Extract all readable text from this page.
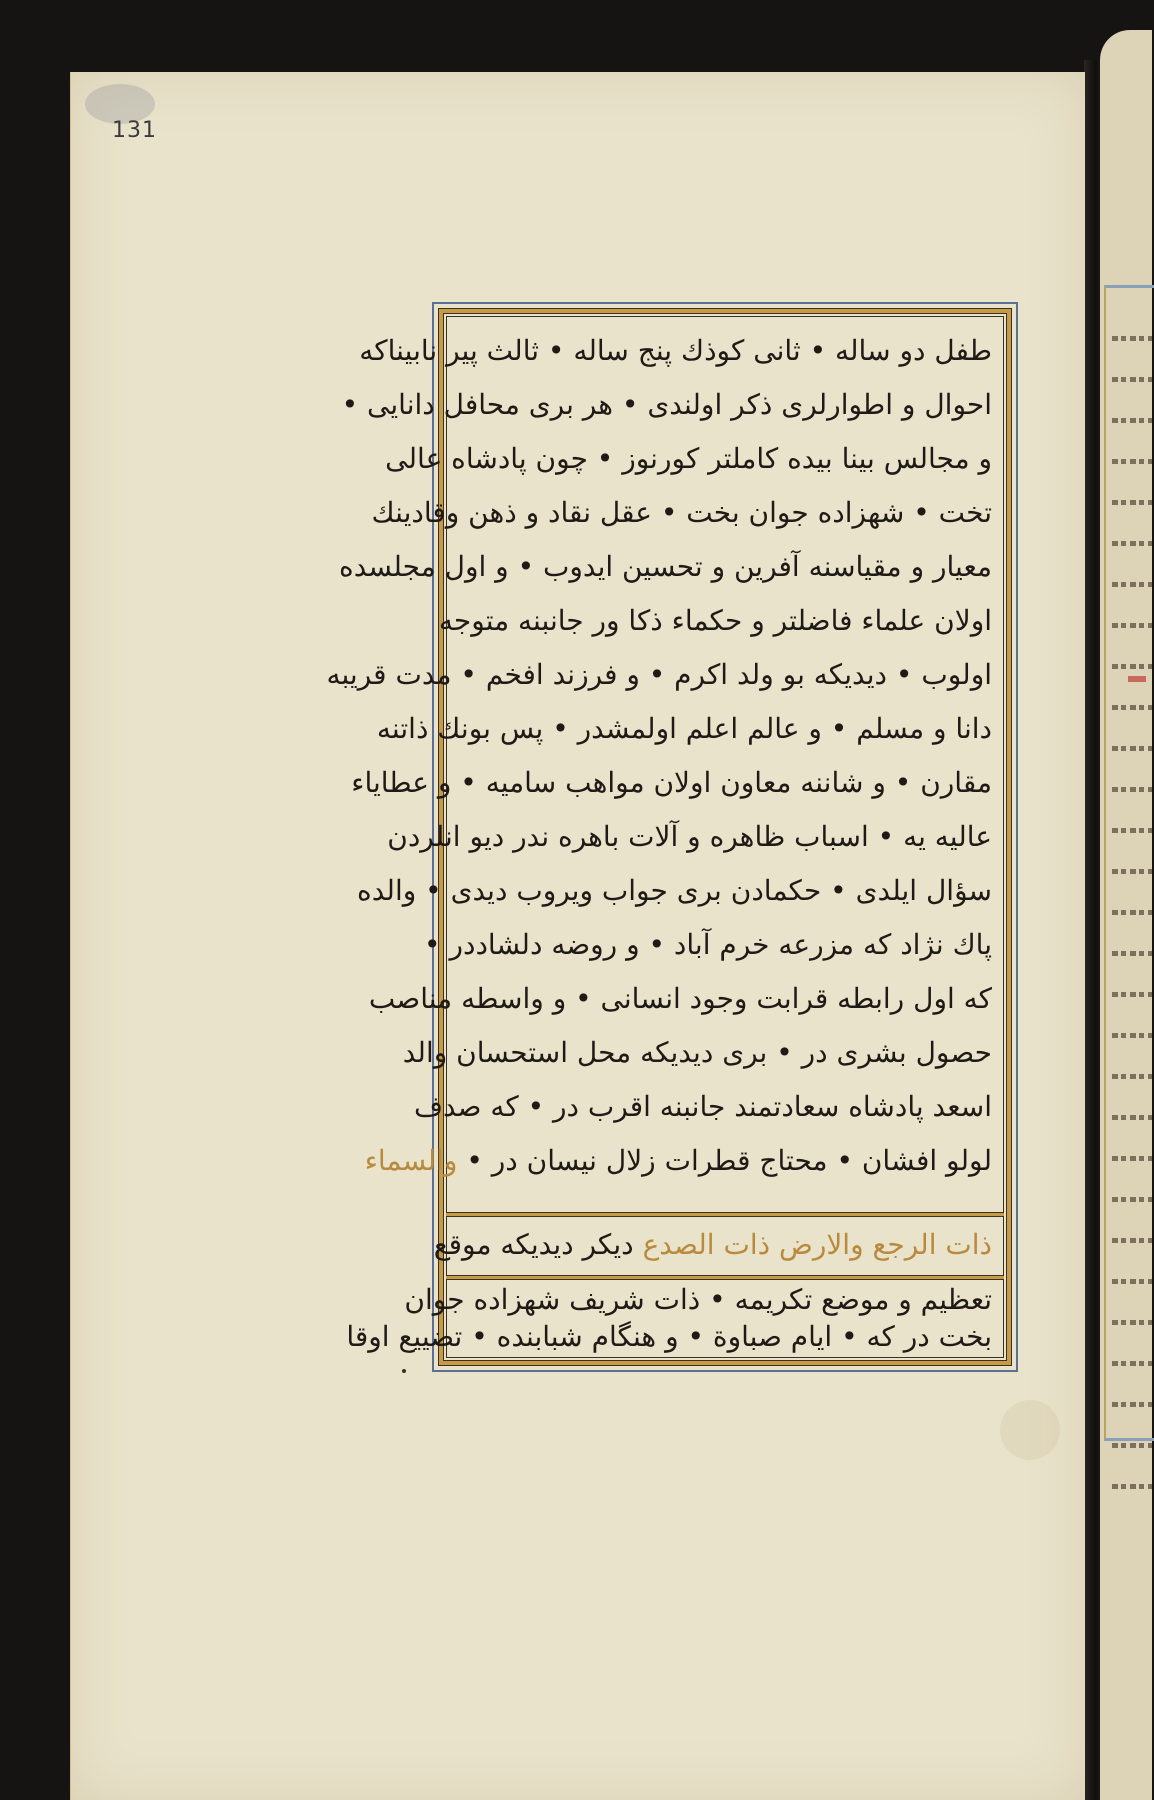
131
طفل دو ساله • ثانی کوذك پنج ساله • ثالث پیر نابیناکه
احوال و اطوارلری ذکر اولندی • هر بری محافل دانایی •
و مجالس بینا بیده کاملتر کورنوز • چون پادشاه عالی
تخت • شهزاده جوان بخت • عقل نقاد و ذهن وقادینك
معیار و مقیاسنه آفرین و تحسین ایدوب • و اول مجلسده
اولان علماء فاضلتر و حکماء ذکا ور جانبنه متوجه
اولوب • دیدیکه بو ولد اکرم • و فرزند افخم • مدت قریبه
دانا و مسلم • و عالم اعلم اولمشدر • پس بونك ذاتنه
مقارن • و شاننه معاون اولان مواهب سامیه • و عطایاء
عالیه یه • اسباب ظاهره و آلات باهره ندر دیو انلردن
سؤال ایلدی • حکمادن بری جواب ویروب دیدی • والده
پاك نژاد که مزرعه خرم آباد • و روضه دلشاددر •
که اول رابطه قرابت وجود انسانی • و واسطه مناصب
حصول بشری در • بری دیدیکه محل استحسان والد
اسعد پادشاه سعادتمند جانبنه اقرب در • که صدف
لولو افشان • محتاج قطرات زلال نیسان در • والسماء
ذات الرجع والارض ذات الصدع دیکر دیدیکه موقع
تعظیم و موضع تکریمه • ذات شریف شهزاده جوان
بخت در که • ایام صباوة • و هنگام شبابنده • تضییع اوقا
